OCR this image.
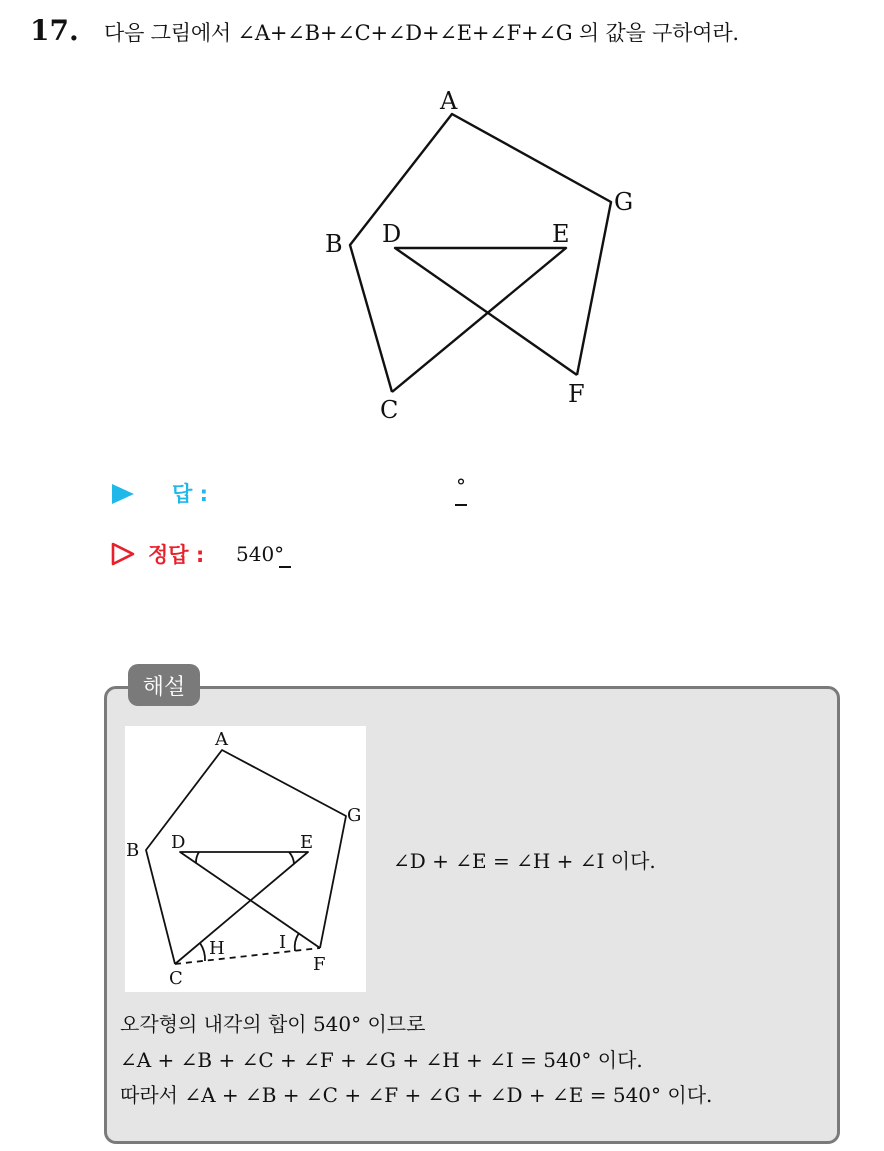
17. 다음 그림에서 ∠A+∠B+∠C+∠D+∠E+∠F+∠G 의 값을 구하여라.
A
B
C
D	E
F
G
답 :	°
정답 : 540°
해설
A
B
C
D	E
F
G
H	I
∠D + ∠E = ∠H + ∠I 이다.
오각형의 내각의 합이 540° 이므로
∠A + ∠B + ∠C + ∠F + ∠G + ∠H + ∠I = 540° 이다.
따라서 ∠A + ∠B + ∠C + ∠F + ∠G + ∠D + ∠E = 540° 이다.
